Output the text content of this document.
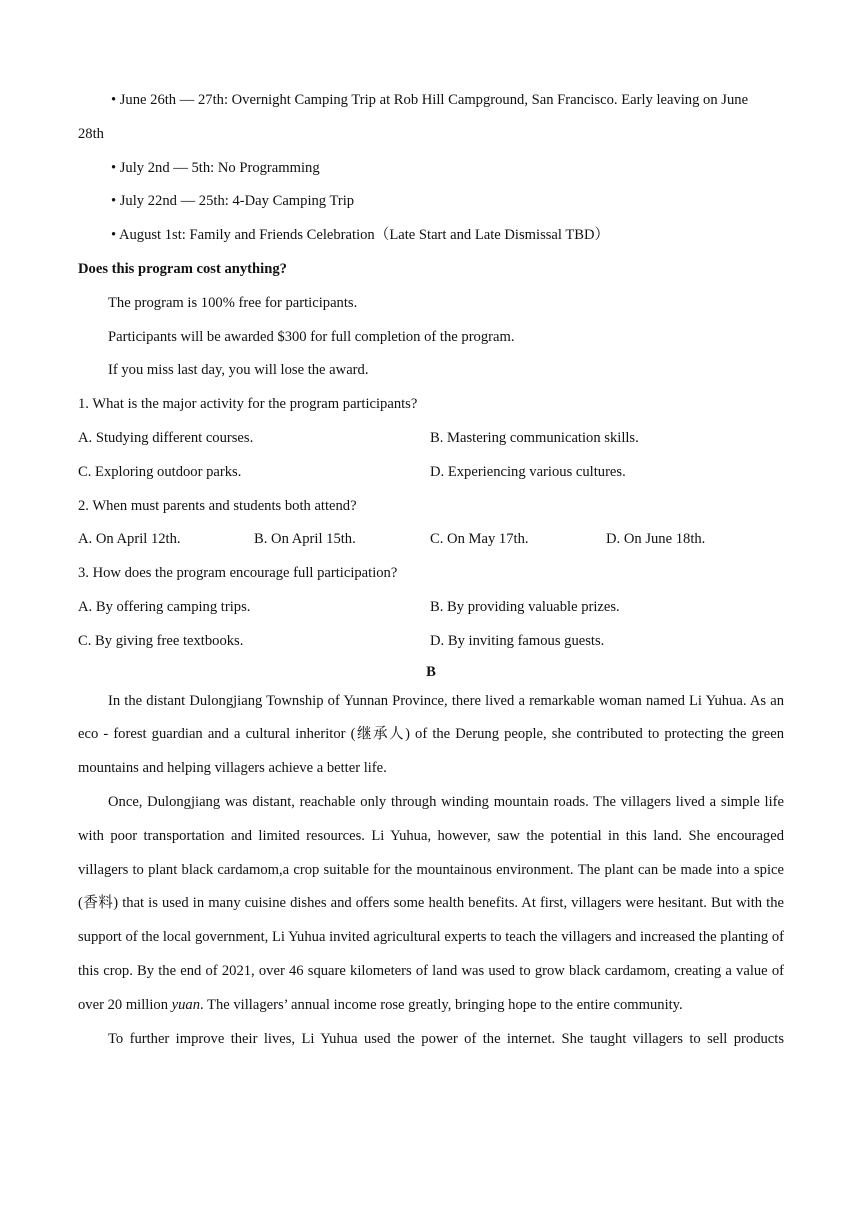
• June 26th — 27th: Overnight Camping Trip at Rob Hill Campground, San Francisco. Early leaving on June
28th
• July 2nd — 5th: No Programming
• July 22nd — 25th: 4-Day Camping Trip
• August 1st: Family and Friends Celebration（Late Start and Late Dismissal TBD）
Does this program cost anything?
The program is 100% free for participants.
Participants will be awarded $300 for full completion of the program.
If you miss last day, you will lose the award.
1. What is the major activity for the program participants?
A. Studying different courses.	B. Mastering communication skills.
C. Exploring outdoor parks.	D. Experiencing various cultures.
2. When must parents and students both attend?
A. On April 12th.	B. On April 15th.	C. On May 17th.	D. On June 18th.
3. How does the program encourage full participation?
A. By offering camping trips.	B. By providing valuable prizes.
C. By giving free textbooks.	D. By inviting famous guests.
B

In the distant Dulongjiang Township of Yunnan Province, there lived a remarkable woman named Li Yuhua. As an eco - forest guardian and a cultural inheritor (继承人) of the Derung people, she contributed to protecting the green mountains and helping villagers achieve a better life.

Once, Dulongjiang was distant, reachable only through winding mountain roads. The villagers lived a simple life with poor transportation and limited resources. Li Yuhua, however, saw the potential in this land. She encouraged villagers to plant black cardamom,a crop suitable for the mountainous environment. The plant can be made into a spice (香料) that is used in many cuisine dishes and offers some health benefits. At first, villagers were hesitant. But with the support of the local government, Li Yuhua invited agricultural experts to teach the villagers and increased the planting of this crop. By the end of 2021, over 46 square kilometers of land was used to grow black cardamom, creating a value of over 20 million yuan. The villagers’ annual income rose greatly, bringing hope to the entire community.

To further improve their lives, Li Yuhua used the power of the internet. She taught villagers to sell products
